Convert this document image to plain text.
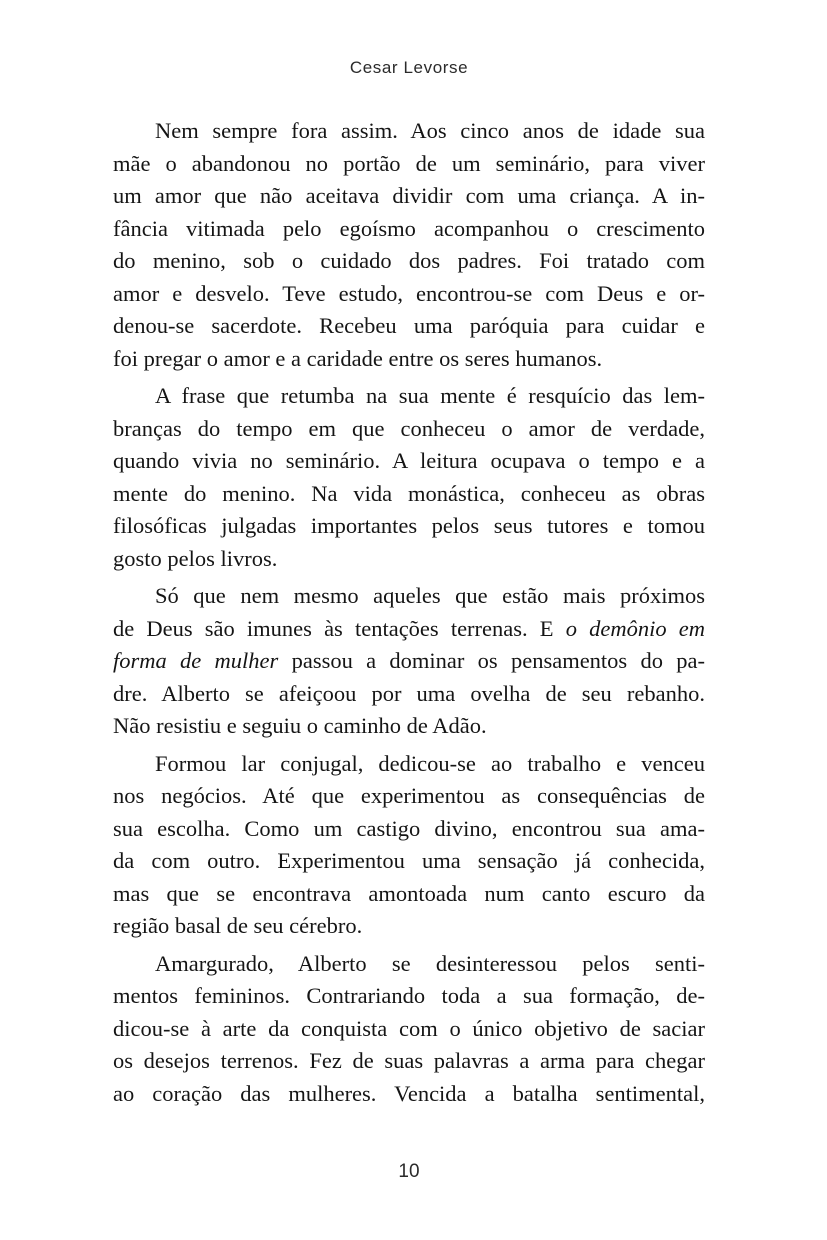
Cesar Levorse
Nem sempre fora assim. Aos cinco anos de idade sua
mãe o abandonou no portão de um seminário, para viver
um amor que não aceitava dividir com uma criança. A in-
fância vitimada pelo egoísmo acompanhou o crescimento
do menino, sob o cuidado dos padres. Foi tratado com
amor e desvelo. Teve estudo, encontrou-se com Deus e or-
denou-se sacerdote. Recebeu uma paróquia para cuidar e
foi pregar o amor e a caridade entre os seres humanos.
A frase que retumba na sua mente é resquício das lem-
branças do tempo em que conheceu o amor de verdade,
quando vivia no seminário. A leitura ocupava o tempo e a
mente do menino. Na vida monástica, conheceu as obras
filosóficas julgadas importantes pelos seus tutores e tomou
gosto pelos livros.
Só que nem mesmo aqueles que estão mais próximos
de Deus são imunes às tentações terrenas. E o demônio em
forma de mulher passou a dominar os pensamentos do pa-
dre. Alberto se afeiçoou por uma ovelha de seu rebanho.
Não resistiu e seguiu o caminho de Adão.
Formou lar conjugal, dedicou-se ao trabalho e venceu
nos negócios. Até que experimentou as consequências de
sua escolha. Como um castigo divino, encontrou sua ama-
da com outro. Experimentou uma sensação já conhecida,
mas que se encontrava amontoada num canto escuro da
região basal de seu cérebro.
Amargurado, Alberto se desinteressou pelos senti-
mentos femininos. Contrariando toda a sua formação, de-
dicou-se à arte da conquista com o único objetivo de saciar
os desejos terrenos. Fez de suas palavras a arma para chegar
ao coração das mulheres. Vencida a batalha sentimental,
10
